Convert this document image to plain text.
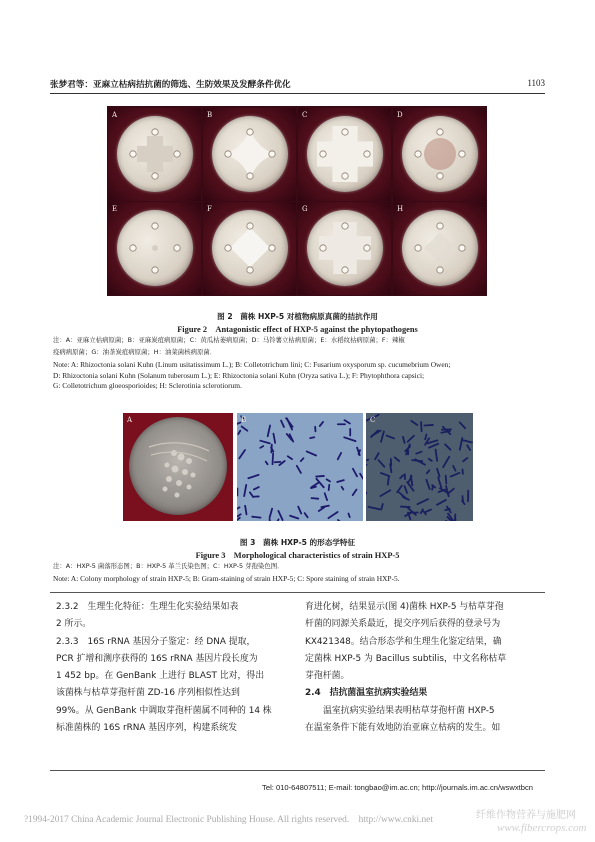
张梦君等：亚麻立枯病拮抗菌的筛选、生防效果及发酵条件优化	1103
A	B	C	D
E	F	G	H
图 2　菌株 HXP-5 对植物病原真菌的拮抗作用
Figure 2　Antagonistic effect of HXP-5 against the phytopathogens
注：A：亚麻立枯病原菌；B：亚麻炭疽病原菌；C：黄瓜枯萎病原菌；D：马铃薯立枯病原菌；E：水稻纹枯病原菌；F：辣椒
疫病病原菌；G：油茶炭疽病原菌；H：油菜菌核病原菌．
Note: A: Rhizoctonia solani Kuhn (Linum usitatissimum L.); B: Colletotrichum lini; C: Fusarium oxysporum sp. cucumebrium Owen;
D: Rhizoctonia solani Kuhn (Solanum tuberosum L.); E: Rhizoctonia solani Kuhn (Oryza sativa L.); F: Phytophthora capsici;
G: Colletotrichum gloeosporioides; H: Sclerotinia sclerotiorum.
A	B	C
图 3　菌株 HXP-5 的形态学特征
Figure 3　Morphological characteristics of strain HXP-5
注：A：HXP-5 菌落形态图；B：HXP-5 革兰氏染色图；C：HXP-5 芽孢染色图．
Note: A: Colony morphology of strain HXP-5; B: Gram-staining of strain HXP-5; C: Spore staining of strain HXP-5.
2.3.2　生理生化特征：生理生化实验结果如表
2 所示。
2.3.3　16S rRNA 基因分子鉴定：经 DNA 提取，
PCR 扩增和测序获得的 16S rRNA 基因片段长度为
1 452 bp。在 GenBank 上进行 BLAST 比对，得出
该菌株与枯草芽孢杆菌 ZD-16 序列相似性达到
99%。从 GenBank 中调取芽孢杆菌属不同种的 14 株
标准菌株的 16S rRNA 基因序列，构建系统发
育进化树，结果显示(图 4)菌株 HXP-5 与枯草芽孢
杆菌的同源关系最近，提交序列后获得的登录号为
KX421348。结合形态学和生理生化鉴定结果，确
定菌株 HXP-5 为 Bacillus subtilis，中文名称枯草
芽孢杆菌。
2.4　拮抗菌温室抗病实验结果
温室抗病实验结果表明枯草芽孢杆菌 HXP-5
在温室条件下能有效地防治亚麻立枯病的发生。如
Tel: 010-64807511; E-mail: tongbao@im.ac.cn; http://journals.im.ac.cn/wswxtbcn
?1994-2017 China Academic Journal Electronic Publishing House. All rights reserved.　http://www.cnki.net	纤维作物营养与施肥网
www.fibercrops.com
